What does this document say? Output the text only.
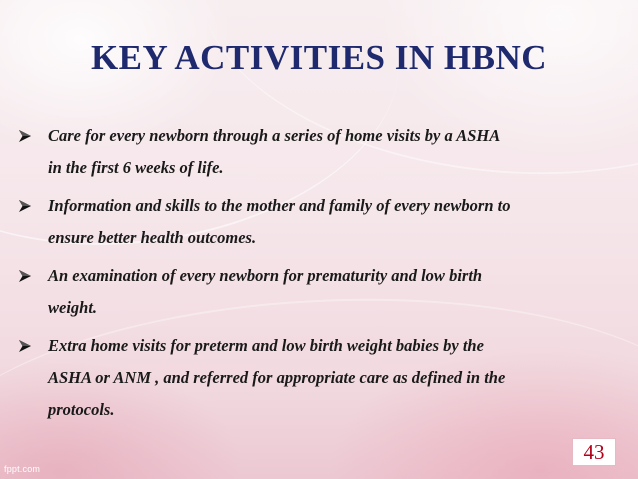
KEY ACTIVITIES IN HBNC
Care for every newborn through a series of home visits by a ASHA
in the first 6 weeks of life.
Information and skills to the mother and family of every newborn to
ensure better health outcomes.
An examination of every newborn for prematurity and low birth
weight.
Extra home visits for preterm and low birth weight babies by the
ASHA or ANM , and referred for appropriate care as defined in the
protocols.
43
fppt.com
